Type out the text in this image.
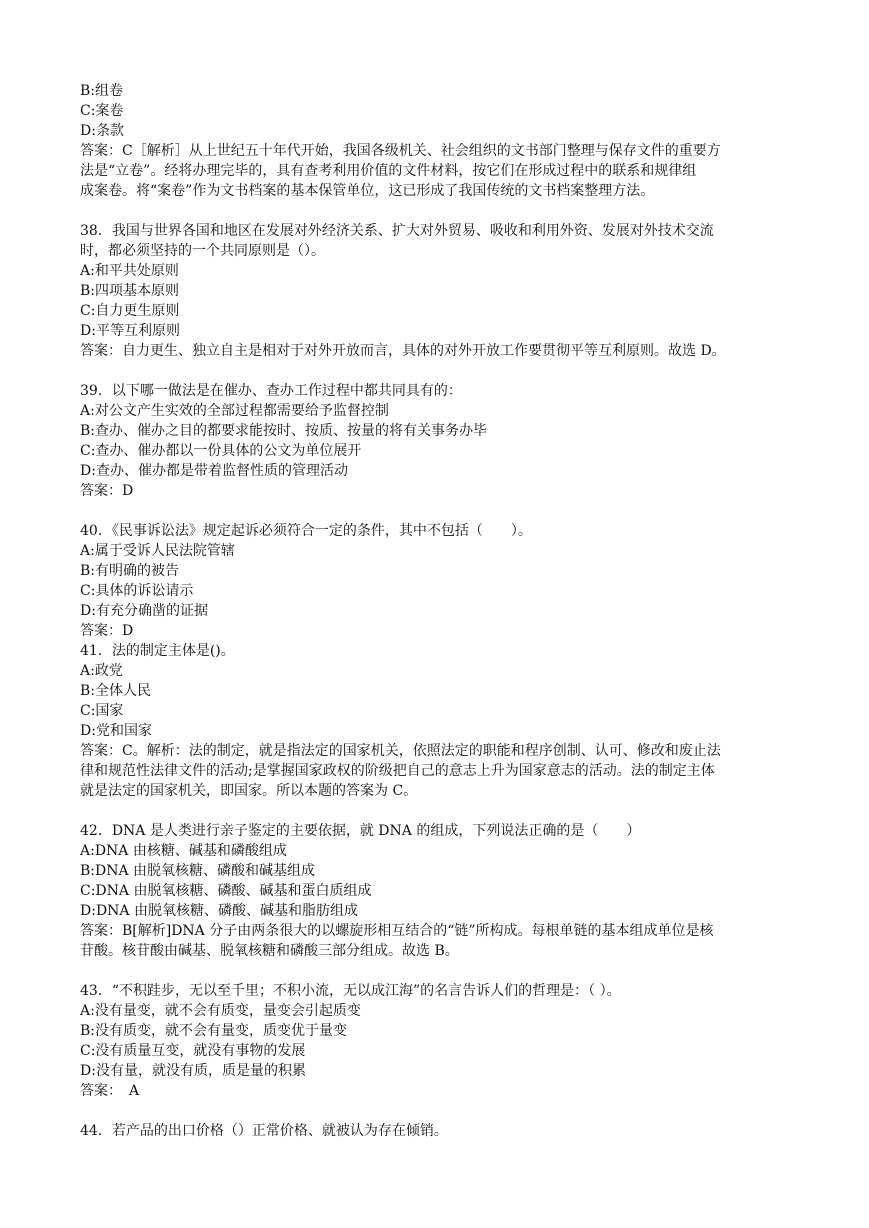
B:组卷
C:案卷
D:条款
答案：C［解析］从上世纪五十年代开始，我国各级机关、社会组织的文书部门整理与保存文件的重要方
法是“立卷”。经将办理完毕的，具有查考利用价值的文件材料，按它们在形成过程中的联系和规律组
成案卷。将“案卷”作为文书档案的基本保管单位，这已形成了我国传统的文书档案整理方法。
38．我国与世界各国和地区在发展对外经济关系、扩大对外贸易、吸收和利用外资、发展对外技术交流
时，都必须坚持的一个共同原则是（）。
A:和平共处原则
B:四项基本原则
C:自力更生原则
D:平等互利原则
答案：自力更生、独立自主是相对于对外开放而言，具体的对外开放工作要贯彻平等互利原则。故选 D。
39．以下哪一做法是在催办、查办工作过程中都共同具有的：
A:对公文产生实效的全部过程都需要给予监督控制
B:查办、催办之目的都要求能按时、按质、按量的将有关事务办毕
C:查办、催办都以一份具体的公文为单位展开
D:查办、催办都是带着监督性质的管理活动
答案：D
40．《民事诉讼法》规定起诉必须符合一定的条件，其中不包括（　　）。
A:属于受诉人民法院管辖
B:有明确的被告
C:具体的诉讼请示
D:有充分确凿的证据
答案：D
41．法的制定主体是()。
A:政党
B:全体人民
C:国家
D:党和国家
答案：C。解析：法的制定，就是指法定的国家机关，依照法定的职能和程序创制、认可、修改和废止法
律和规范性法律文件的活动;是掌握国家政权的阶级把自己的意志上升为国家意志的活动。法的制定主体
就是法定的国家机关，即国家。所以本题的答案为 C。
42．DNA 是人类进行亲子鉴定的主要依据，就 DNA 的组成，下列说法正确的是（　　）
A:DNA 由核糖、碱基和磷酸组成
B:DNA 由脱氧核糖、磷酸和碱基组成
C:DNA 由脱氧核糖、磷酸、碱基和蛋白质组成
D:DNA 由脱氧核糖、磷酸、碱基和脂肪组成
答案：B[解析]DNA 分子由两条很大的以螺旋形相互结合的“链”所构成。每根单链的基本组成单位是核
苷酸。核苷酸由碱基、脱氧核糖和磷酸三部分组成。故选 B。
43．“不积跬步，无以至千里；不积小流，无以成江海”的名言告诉人们的哲理是：（ ）。
A:没有量变，就不会有质变，量变会引起质变
B:没有质变，就不会有量变，质变优于量变
C:没有质量互变，就没有事物的发展
D:没有量，就没有质，质是量的积累
答案：　A
44．若产品的出口价格（）正常价格、就被认为存在倾销。
